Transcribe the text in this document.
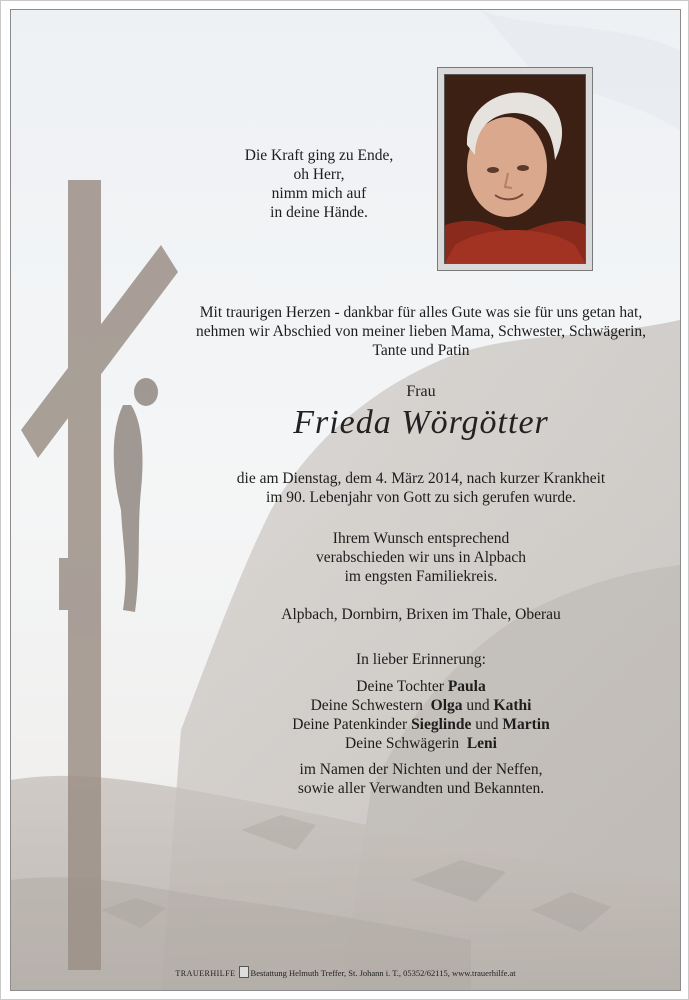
Die Kraft ging zu Ende,
oh Herr,
nimm mich auf
in deine Hände.
Mit traurigen Herzen - dankbar für alles Gute was sie für uns getan hat,
nehmen wir Abschied von meiner lieben Mama, Schwester, Schwägerin,
Tante und Patin
Frau
Frieda Wörgötter
die am Dienstag, dem 4. März 2014, nach kurzer Krankheit
im 90. Lebenjahr von Gott zu sich gerufen wurde.
Ihrem Wunsch entsprechend
verabschieden wir uns in Alpbach
im engsten Familiekreis.
Alpbach, Dornbirn, Brixen im Thale, Oberau
In lieber Erinnerung:
Deine Tochter Paula
Deine Schwestern Olga und Kathi
Deine Patenkinder Sieglinde und Martin
Deine Schwägerin Leni
im Namen der Nichten und der Neffen,
sowie aller Verwandten und Bekannten.
TRAUERHILFE Bestattung Helmuth Treffer, St. Johann i. T., 05352/62115, www.trauerhilfe.at
